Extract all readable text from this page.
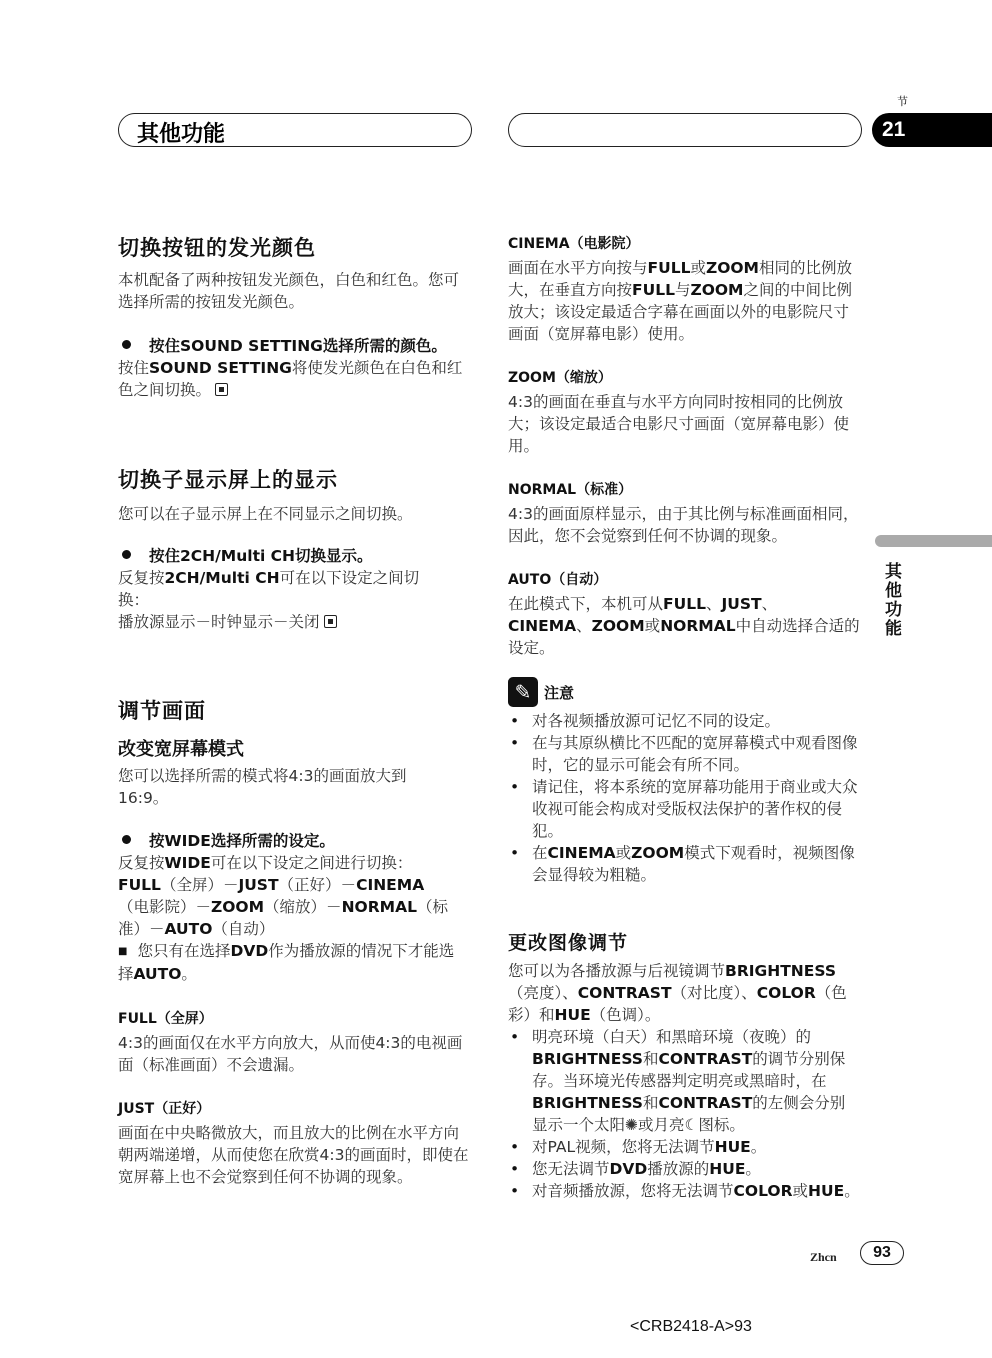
其他功能
节
21
切换按钮的发光颜色

本机配备了两种按钮发光颜色，白色和红色。您可选择所需的按钮发光颜色。

按住SOUND SETTING选择所需的颜色。

按住SOUND SETTING将使发光颜色在白色和红色之间切换。

切换子显示屏上的显示

您可以在子显示屏上在不同显示之间切换。

按住2CH/Multi CH切换显示。

反复按2CH/Multi CH可在以下设定之间切换：

播放源显示－时钟显示－关闭

调节画面
改变宽屏幕模式

您可以选择所需的模式将4:3的画面放大到16:9。

按WIDE选择所需的设定。

反复按WIDE可在以下设定之间进行切换：

FULL（全屏）－JUST（正好）－CINEMA（电影院）－ZOOM（缩放）－NORMAL（标准）－AUTO（自动）

■ 您只有在选择DVD作为播放源的情况下才能选择AUTO。

FULL（全屏）

4:3的画面仅在水平方向放大，从而使4:3的电视画面（标准画面）不会遗漏。

JUST（正好）

画面在中央略微放大，而且放大的比例在水平方向朝两端递增，从而使您在欣赏4:3的画面时，即使在宽屏幕上也不会觉察到任何不协调的现象。

CINEMA（电影院）

画面在水平方向按与FULL或ZOOM相同的比例放大，在垂直方向按FULL与ZOOM之间的中间比例放大；该设定最适合字幕在画面以外的电影院尺寸画面（宽屏幕电影）使用。

ZOOM（缩放）

4:3的画面在垂直与水平方向同时按相同的比例放大；该设定最适合电影尺寸画面（宽屏幕电影）使用。

NORMAL（标准）

4:3的画面原样显示，由于其比例与标准画面相同，因此，您不会觉察到任何不协调的现象。

AUTO（自动）

在此模式下，本机可从FULL、JUST、CINEMA、ZOOM或NORMAL中自动选择合适的设定。

✎ 注意
• 对各视频播放源可记忆不同的设定。
• 在与其原纵横比不匹配的宽屏幕模式中观看图像时，它的显示可能会有所不同。
• 请记住，将本系统的宽屏幕功能用于商业或大众收视可能会构成对受版权法保护的著作权的侵犯。
• 在CINEMA或ZOOM模式下观看时，视频图像会显得较为粗糙。
更改图像调节

您可以为各播放源与后视镜调节BRIGHTNESS（亮度）、CONTRAST（对比度）、COLOR（色彩）和HUE（色调）。

• 明亮环境（白天）和黑暗环境（夜晚）的BRIGHTNESS和CONTRAST的调节分别保存。当环境光传感器判定明亮或黑暗时，在BRIGHTNESS和CONTRAST的左侧会分别显示一个太阳✺或月亮☾图标。
• 对PAL视频，您将无法调节HUE。
• 您无法调节DVD播放源的HUE。
• 对音频播放源，您将无法调节COLOR或HUE。
其他功能
Zhcn	93
<CRB2418-A>93
